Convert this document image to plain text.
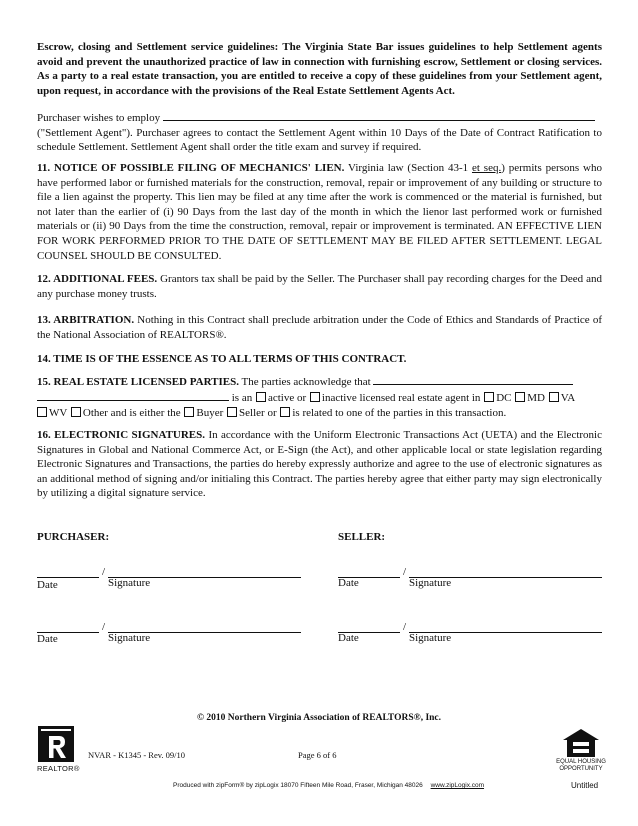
Escrow, closing and Settlement service guidelines: The Virginia State Bar issues guidelines to help Settlement agents avoid and prevent the unauthorized practice of law in connection with furnishing escrow, Settlement or closing services. As a party to a real estate transaction, you are entitled to receive a copy of these guidelines from your Settlement agent, upon request, in accordance with the provisions of the Real Estate Settlement Agents Act.

Purchaser wishes to employ
("Settlement Agent"). Purchaser agrees to contact the Settlement Agent within 10 Days of the Date of Contract Ratification to schedule Settlement. Settlement Agent shall order the title exam and survey if required.

11. NOTICE OF POSSIBLE FILING OF MECHANICS' LIEN. Virginia law (Section 43-1 et seq.) permits persons who have performed labor or furnished materials for the construction, removal, repair or improvement of any building or structure to file a lien against the property. This lien may be filed at any time after the work is commenced or the material is furnished, but not later than the earlier of (i) 90 Days from the last day of the month in which the lienor last performed work or furnished materials or (ii) 90 Days from the time the construction, removal, repair or improvement is terminated. AN EFFECTIVE LIEN FOR WORK PERFORMED PRIOR TO THE DATE OF SETTLEMENT MAY BE FILED AFTER SETTLEMENT. LEGAL COUNSEL SHOULD BE CONSULTED.

12. ADDITIONAL FEES. Grantors tax shall be paid by the Seller. The Purchaser shall pay recording charges for the Deed and any purchase money trusts.

13. ARBITRATION. Nothing in this Contract shall preclude arbitration under the Code of Ethics and Standards of Practice of the National Association of REALTORS®.

14. TIME IS OF THE ESSENCE AS TO ALL TERMS OF THIS CONTRACT.

15. REAL ESTATE LICENSED PARTIES. The parties acknowledge that
is an active or inactive licensed real estate agent in DC MD VA
WV Other and is either the Buyer Seller or is related to one of the parties in this transaction.

16. ELECTRONIC SIGNATURES. In accordance with the Uniform Electronic Transactions Act (UETA) and the Electronic Signatures in Global and National Commerce Act, or E-Sign (the Act), and other applicable local or state legislation regarding Electronic Signatures and Transactions, the parties do hereby expressly authorize and agree to the use of electronic signatures as an additional method of signing and/or initialing this Contract. The parties hereby agree that either party may sign electronically by utilizing a digital signature service.

PURCHASER:	SELLER:
/
Date	Signature
/
Date	Signature
/
Date	Signature
/
Date	Signature
© 2010 Northern Virginia Association of REALTORS®, Inc.
REALTOR®
NVAR - K1345 - Rev. 09/10	Page 6 of 6
EQUAL HOUSING
OPPORTUNITY
Produced with zipForm® by zipLogix 18070 Fifteen Mile Road, Fraser, Michigan 48026 www.zipLogix.com	Untitled
